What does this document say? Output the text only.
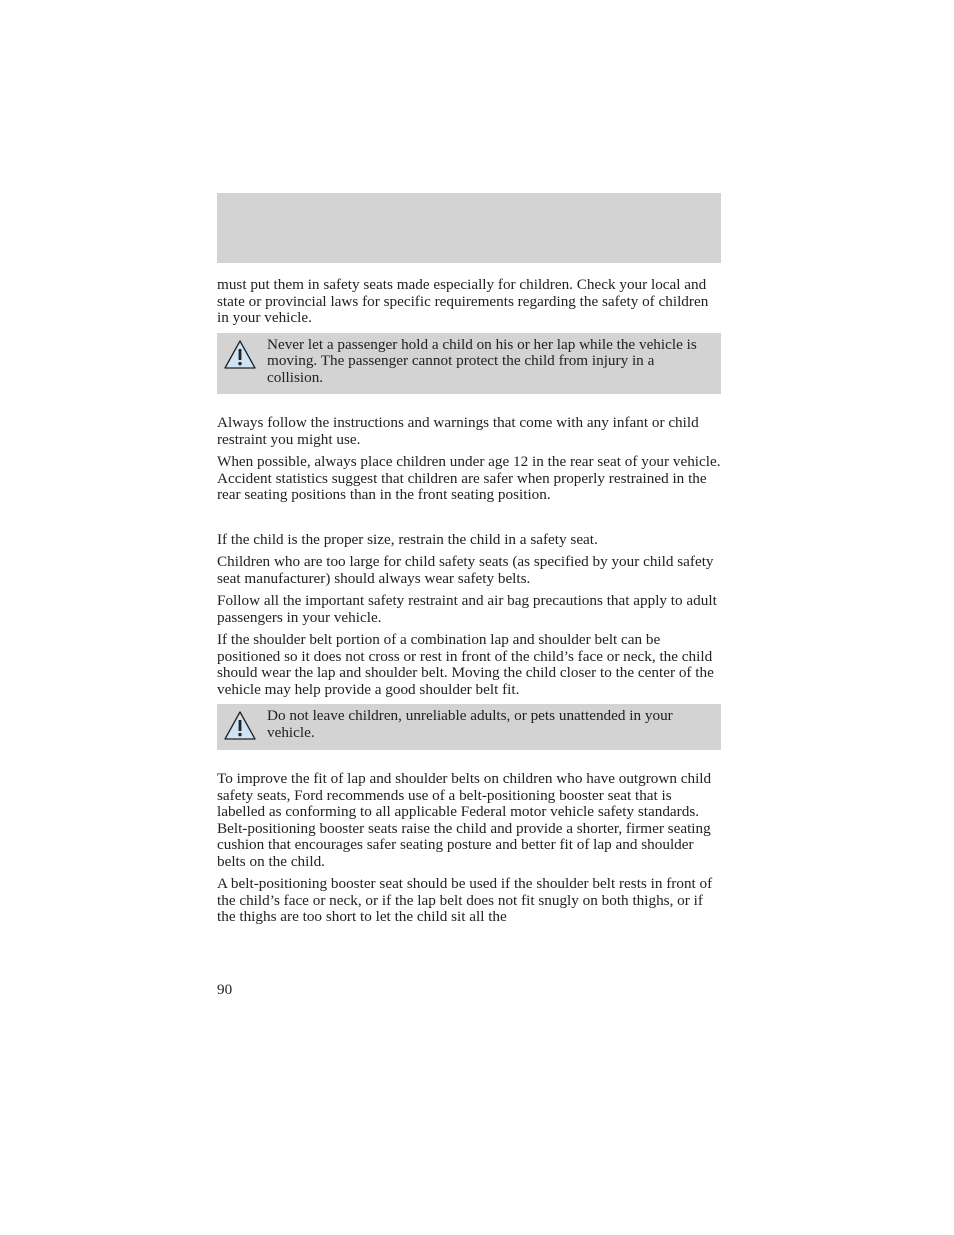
must put them in safety seats made especially for children. Check your local and state or provincial laws for specific requirements regarding the safety of children in your vehicle.

Never let a passenger hold a child on his or her lap while the vehicle is moving. The passenger cannot protect the child from injury in a collision.

Always follow the instructions and warnings that come with any infant or child restraint you might use.

When possible, always place children under age 12 in the rear seat of your vehicle. Accident statistics suggest that children are safer when properly restrained in the rear seating positions than in the front seating position.

If the child is the proper size, restrain the child in a safety seat.

Children who are too large for child safety seats (as specified by your child safety seat manufacturer) should always wear safety belts.

Follow all the important safety restraint and air bag precautions that apply to adult passengers in your vehicle.

If the shoulder belt portion of a combination lap and shoulder belt can be positioned so it does not cross or rest in front of the child’s face or neck, the child should wear the lap and shoulder belt. Moving the child closer to the center of the vehicle may help provide a good shoulder belt fit.

Do not leave children, unreliable adults, or pets unattended in your vehicle.

To improve the fit of lap and shoulder belts on children who have outgrown child safety seats, Ford recommends use of a belt-positioning booster seat that is labelled as conforming to all applicable Federal motor vehicle safety standards. Belt-positioning booster seats raise the child and provide a shorter, firmer seating cushion that encourages safer seating posture and better fit of lap and shoulder belts on the child.

A belt-positioning booster seat should be used if the shoulder belt rests in front of the child’s face or neck, or if the lap belt does not fit snugly on both thighs, or if the thighs are too short to let the child sit all the

90
